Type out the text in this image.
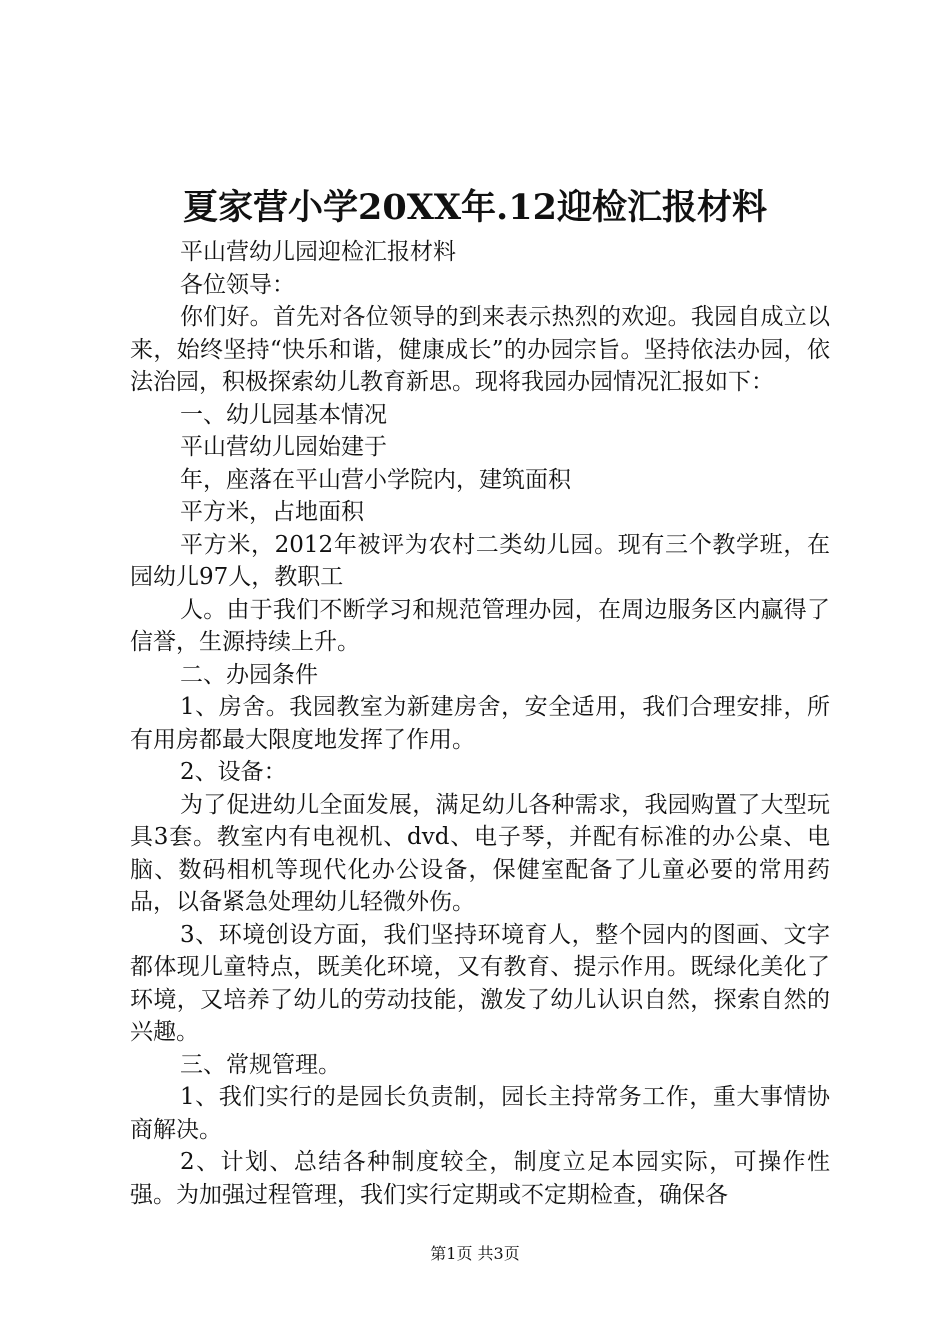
夏家营小学20XX年.12迎检汇报材料

平山营幼儿园迎检汇报材料

各位领导：

你们好。首先对各位领导的到来表示热烈的欢迎。我园自成立以来，始终坚持“快乐和谐，健康成长”的办园宗旨。坚持依法办园，依法治园，积极探索幼儿教育新思。现将我园办园情况汇报如下：

一、幼儿园基本情况

平山营幼儿园始建于

年，座落在平山营小学院内，建筑面积

平方米，占地面积

平方米，2012年被评为农村二类幼儿园。现有三个教学班，在园幼儿97人，教职工

人。由于我们不断学习和规范管理办园，在周边服务区内赢得了信誉，生源持续上升。

二、办园条件

1、房舍。我园教室为新建房舍，安全适用，我们合理安排，所有用房都最大限度地发挥了作用。

2、设备：

为了促进幼儿全面发展，满足幼儿各种需求，我园购置了大型玩具3套。教室内有电视机、dvd、电子琴，并配有标准的办公桌、电脑、数码相机等现代化办公设备，保健室配备了儿童必要的常用药品，以备紧急处理幼儿轻微外伤。

3、环境创设方面，我们坚持环境育人，整个园内的图画、文字都体现儿童特点，既美化环境，又有教育、提示作用。既绿化美化了环境，又培养了幼儿的劳动技能，激发了幼儿认识自然，探索自然的兴趣。

三、常规管理。

1、我们实行的是园长负责制，园长主持常务工作，重大事情协商解决。

2、计划、总结各种制度较全，制度立足本园实际，可操作性强。为加强过程管理，我们实行定期或不定期检查，确保各

第1页 共3页
